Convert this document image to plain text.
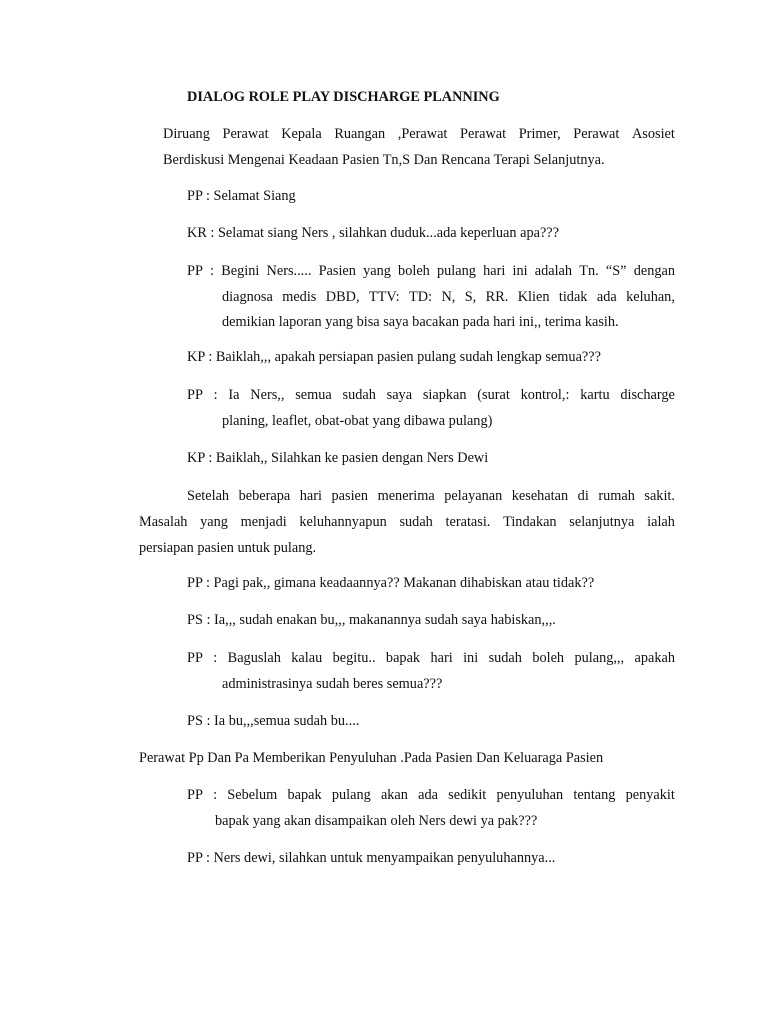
DIALOG ROLE PLAY DISCHARGE PLANNING
Diruang Perawat Kepala Ruangan ,Perawat Perawat Primer, Perawat Asosiet
Berdiskusi Mengenai Keadaan Pasien Tn,S Dan Rencana Terapi Selanjutnya.
PP : Selamat Siang
KR : Selamat siang Ners , silahkan duduk...ada keperluan apa???
PP : Begini Ners..... Pasien yang boleh pulang hari ini adalah Tn. “S” dengan
diagnosa medis DBD, TTV: TD: N, S, RR. Klien tidak ada keluhan,
demikian laporan yang bisa saya bacakan pada hari ini,, terima kasih.
KP : Baiklah,,, apakah persiapan pasien pulang sudah lengkap semua???
PP : Ia Ners,, semua sudah saya siapkan (surat kontrol,: kartu discharge
planing, leaflet, obat-obat yang dibawa pulang)
KP : Baiklah,, Silahkan ke pasien dengan Ners Dewi
Setelah beberapa hari pasien menerima pelayanan kesehatan di rumah sakit.
Masalah yang menjadi keluhannyapun sudah teratasi. Tindakan selanjutnya ialah
persiapan pasien untuk pulang.
PP : Pagi pak,, gimana keadaannya?? Makanan dihabiskan atau tidak??
PS : Ia,,, sudah enakan bu,,, makanannya sudah saya habiskan,,,.
PP : Baguslah kalau begitu.. bapak hari ini sudah boleh pulang,,, apakah
administrasinya sudah beres semua???
PS : Ia bu,,,semua sudah bu....
Perawat Pp Dan Pa Memberikan Penyuluhan .Pada Pasien Dan Keluaraga Pasien
PP : Sebelum bapak pulang akan ada sedikit penyuluhan tentang penyakit
bapak yang akan disampaikan oleh Ners dewi ya pak???
PP : Ners dewi, silahkan untuk menyampaikan penyuluhannya...
